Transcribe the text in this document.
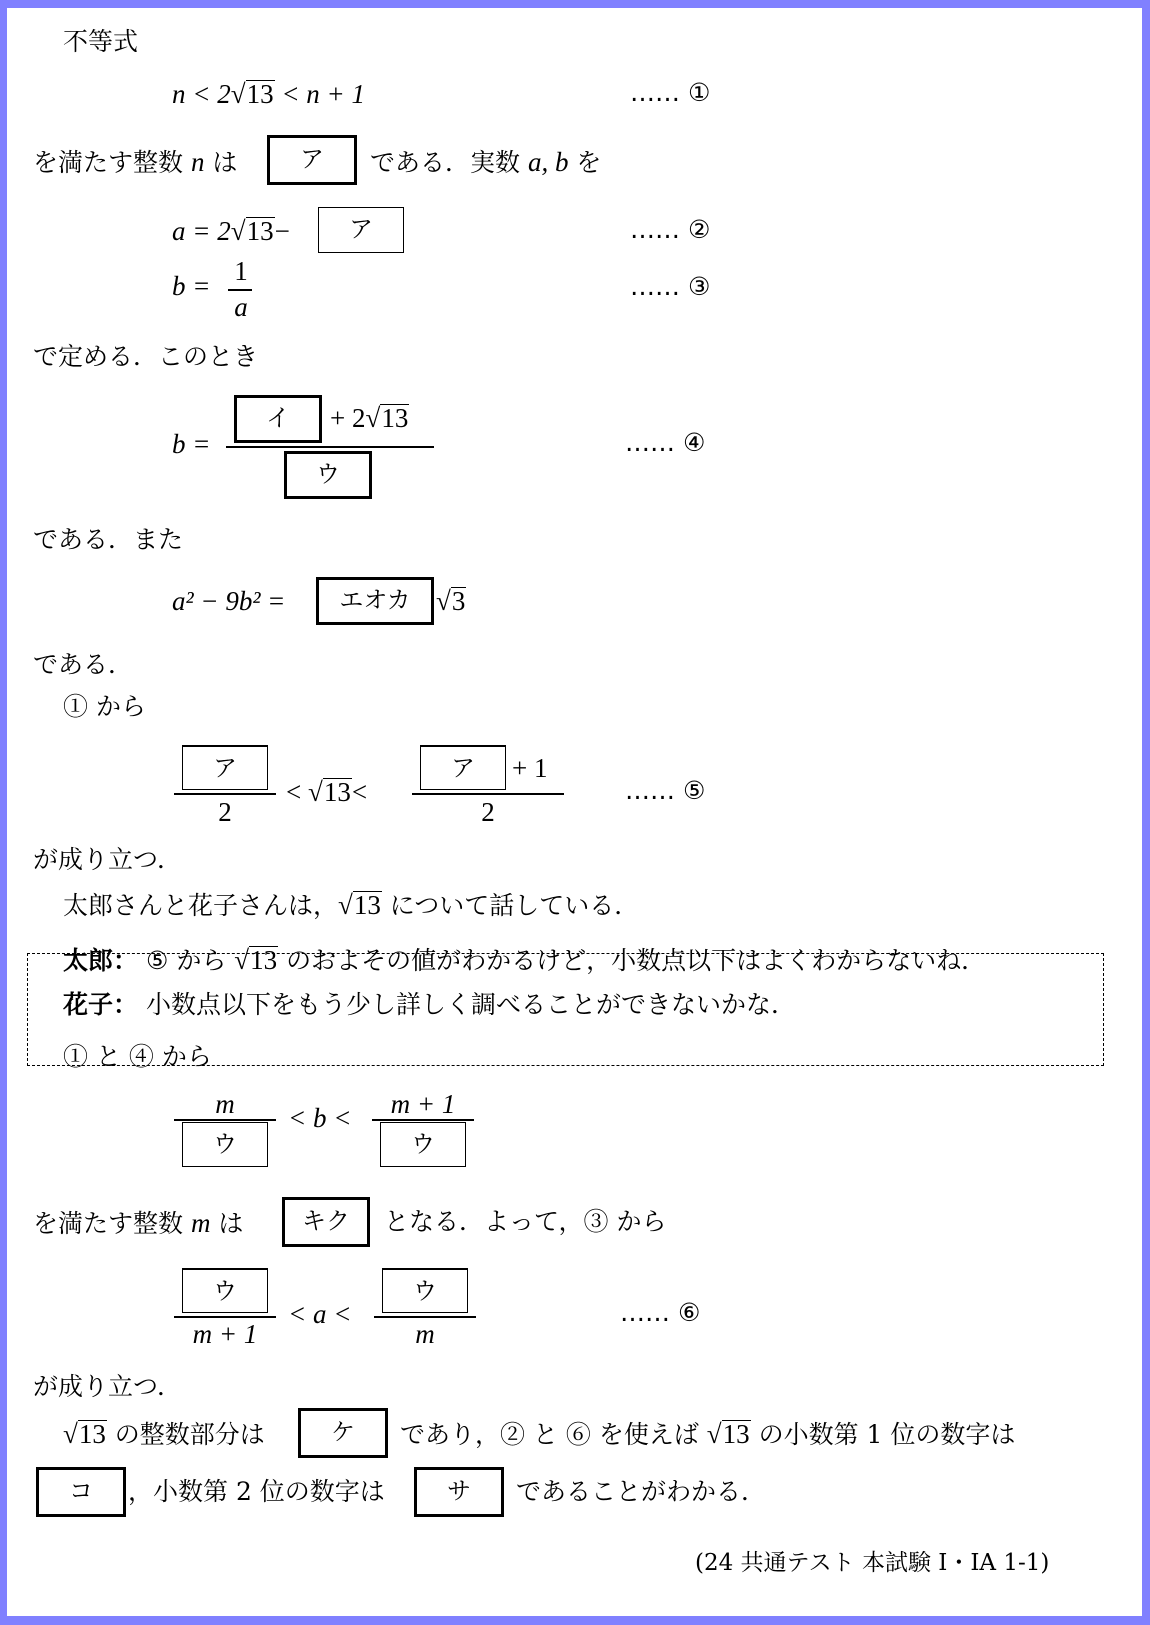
不等式
n < 2√13 < n + 1	…… ①
を満たす整数 n は	ア	である．実数 a, b を
a = 2√13−	ア	…… ②
b = 1
a
…… ③
で定める．このとき
b =
イ	+ 2√13
ウ
…… ④
である．また
a² − 9b² =	エオカ √3
である．
① から
ア
2
< √13<
ア	+ 1
2
…… ⑤
が成り立つ．
太郎さんと花子さんは，√13 について話している．
太郎： ⑤ から √13 のおよその値がわかるけど，小数点以下はよくわからないね．
花子： 小数点以下をもう少し詳しく調べることができないかな．
① と ④ から
m
ウ
< b <	m + 1
ウ
を満たす整数 m は	キク	となる．よって，③ から
ウ
m + 1
< a <
ウ
m
…… ⑥
が成り立つ．
√13 の整数部分は	ケ	であり，② と ⑥ を使えば √13 の小数第 1 位の数字は
コ	，小数第 2 位の数字は	サ	であることがわかる．
(24 共通テスト 本試験 I・IA 1-1)
